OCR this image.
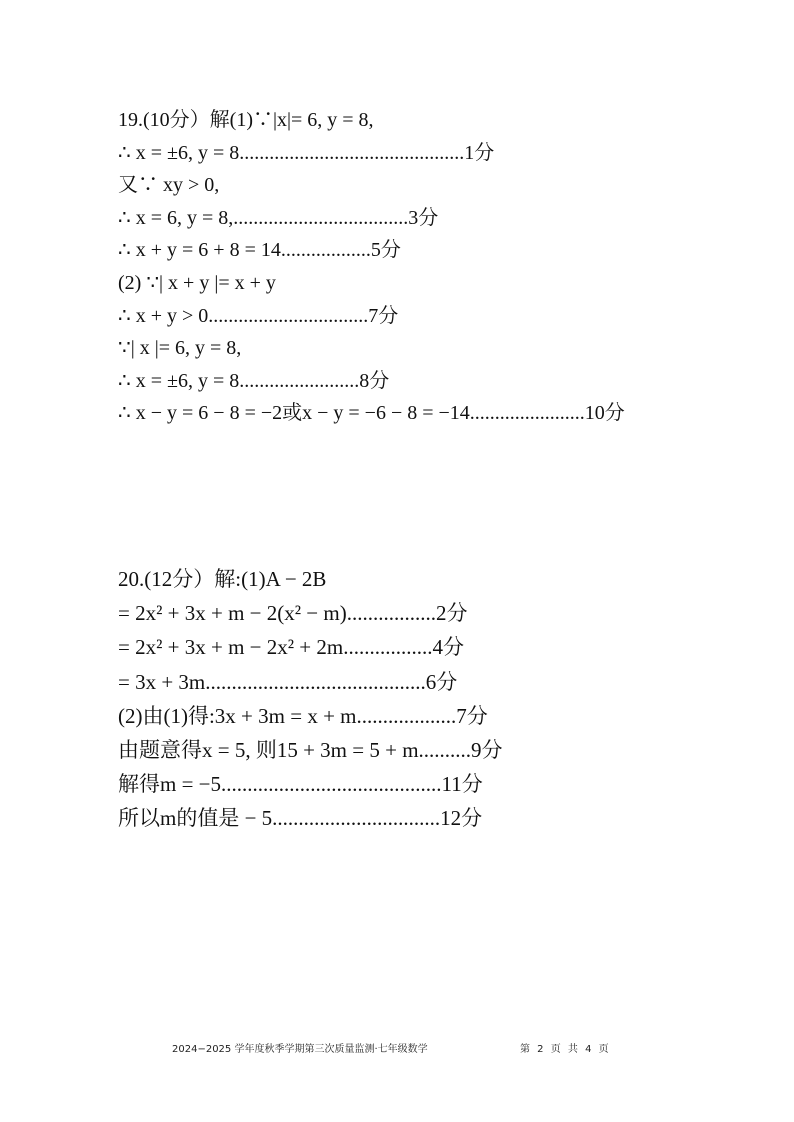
19.(10分）解(1)∵|x|= 6, y = 8,
∴ x = ±6, y = 8.............................................1分
又∵ xy > 0,
∴ x = 6, y = 8,...................................3分
∴ x + y = 6 + 8 = 14..................5分
(2) ∵| x + y |= x + y
∴ x + y > 0................................7分
∵| x |= 6, y = 8,
∴ x = ±6, y = 8........................8分
∴ x − y = 6 − 8 = −2或x − y = −6 − 8 = −14.......................10分
20.(12分）解:(1)A − 2B
= 2x² + 3x + m − 2(x² − m).................2分
= 2x² + 3x + m − 2x² + 2m.................4分
= 3x + 3m..........................................6分
(2)由(1)得:3x + 3m = x + m...................7分
由题意得x = 5, 则15 + 3m = 5 + m..........9分
解得m = −5..........................................11分
所以m的值是 − 5................................12分
2024−2025 学年度秋季学期第三次质量监测·七年级数学	第 2 页 共 4 页
